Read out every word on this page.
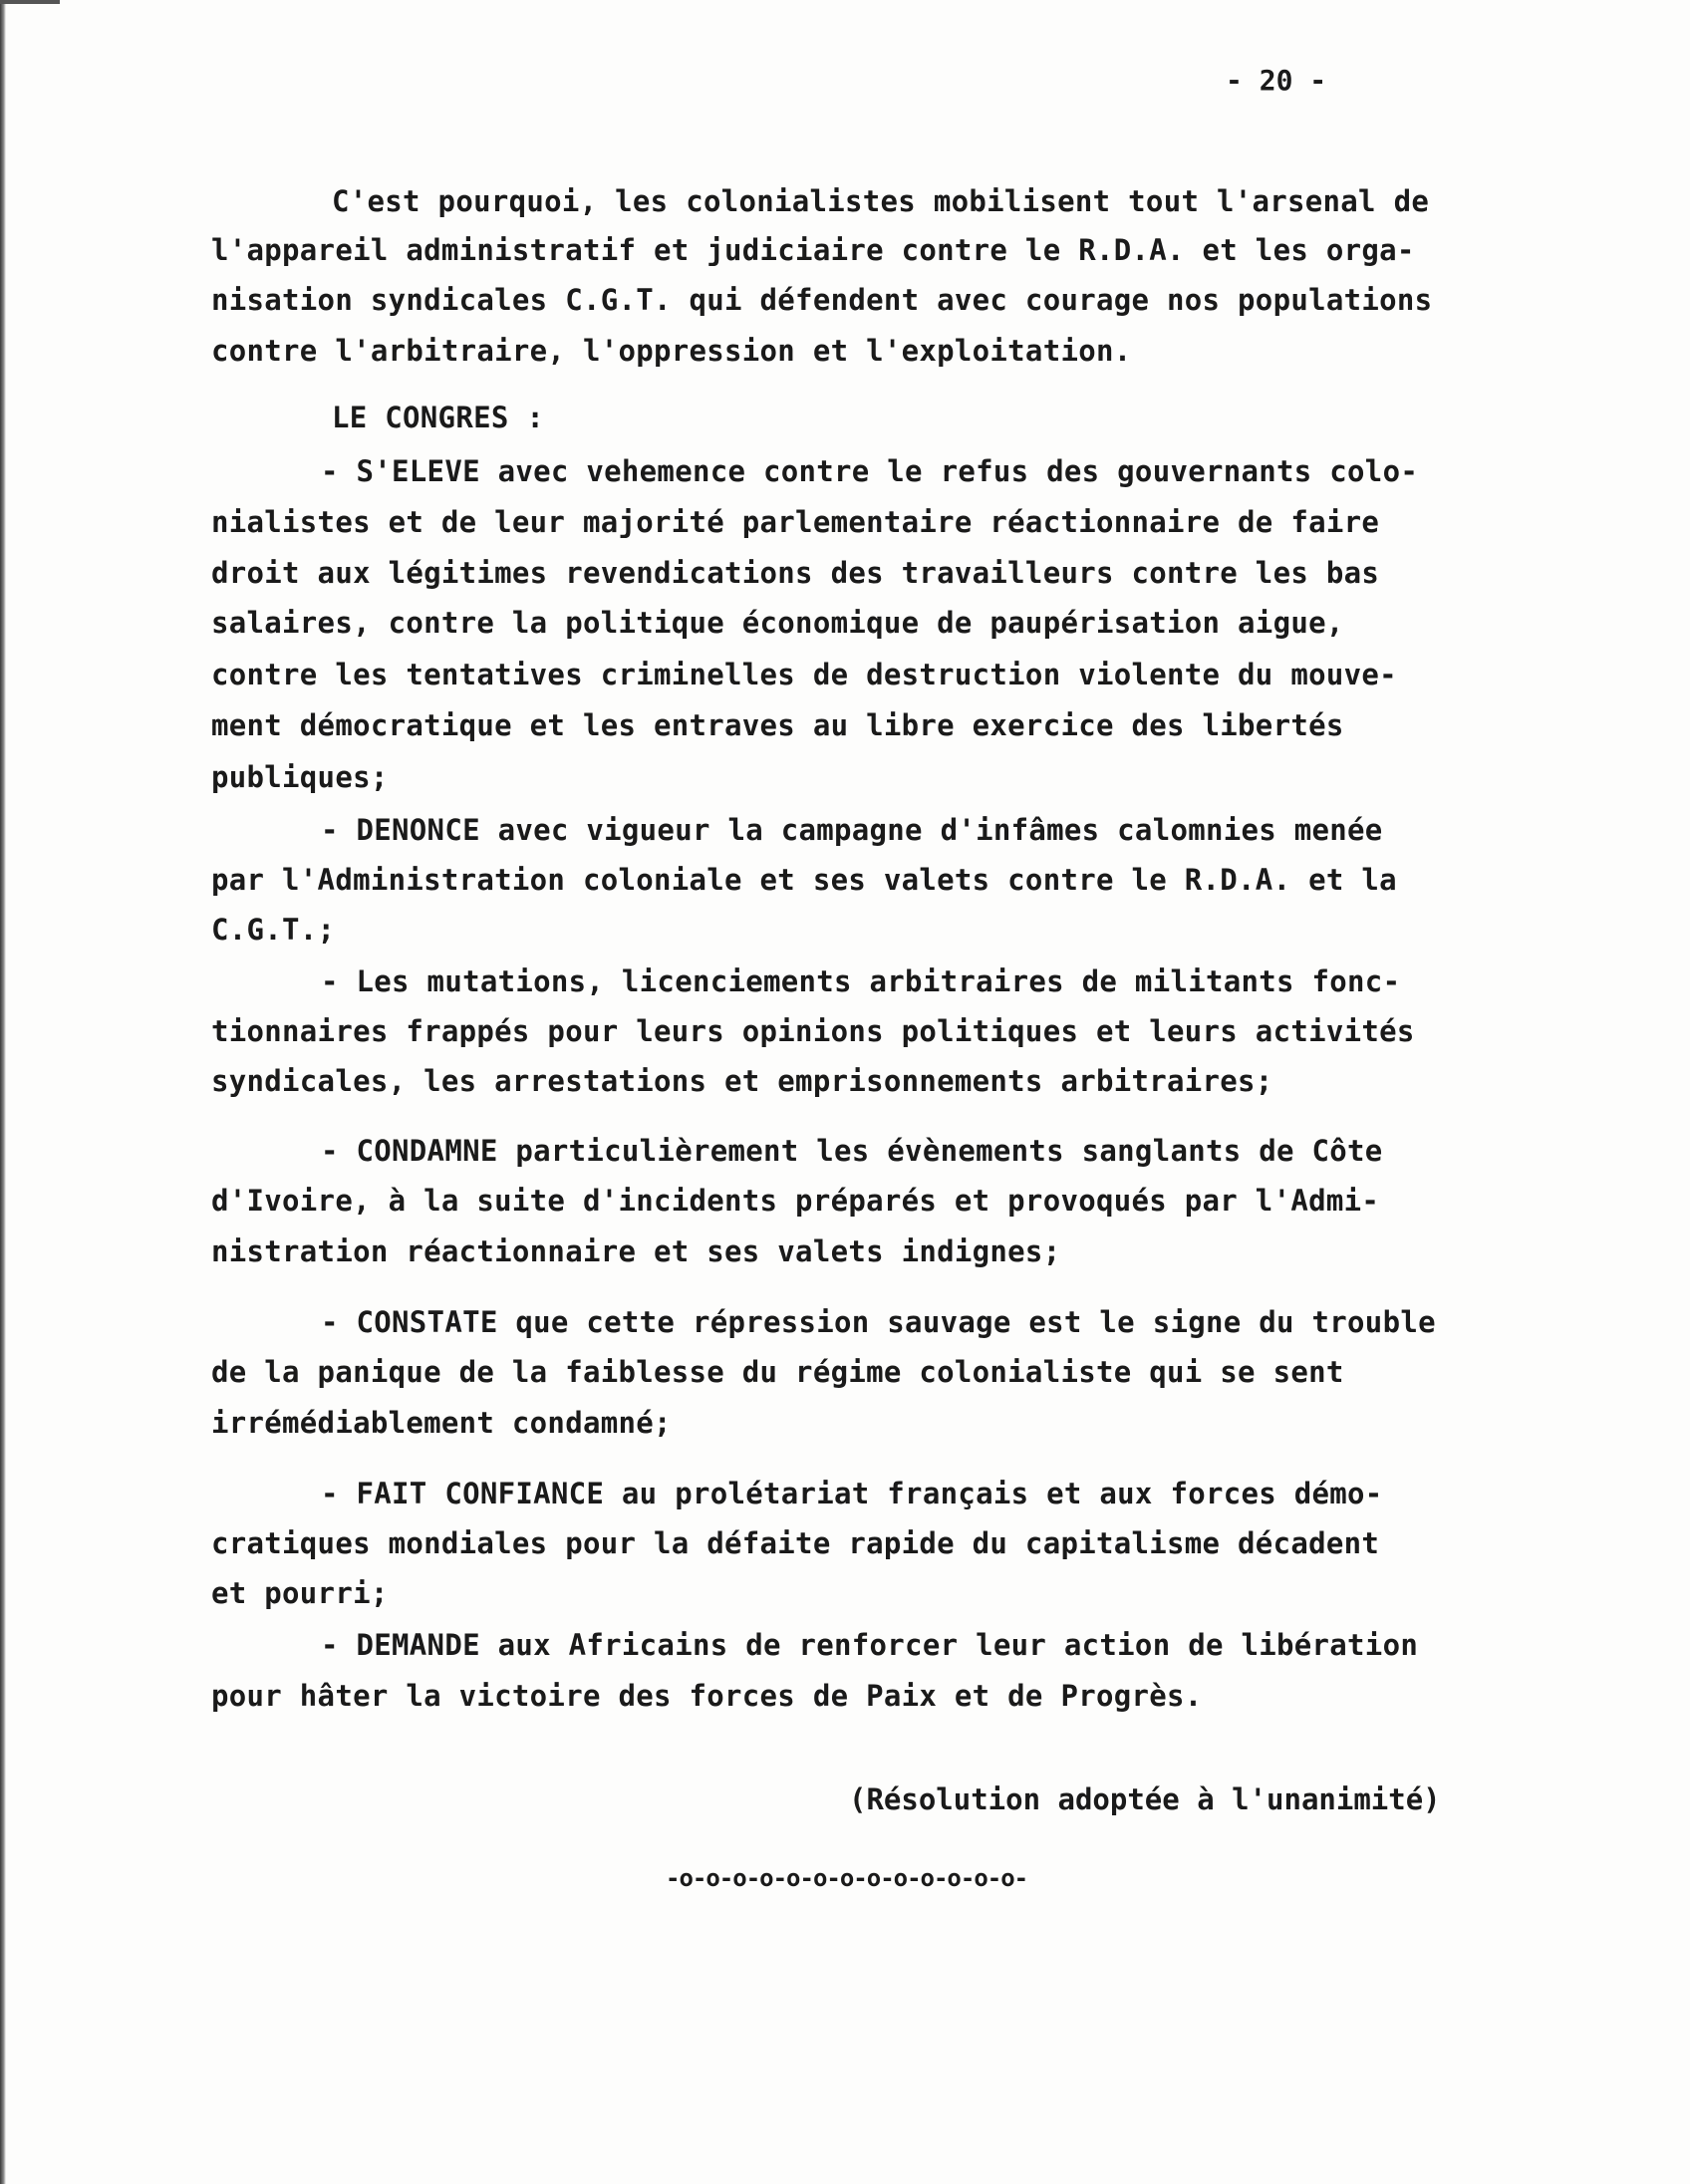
- 20 -
C'est pourquoi, les colonialistes mobilisent tout l'arsenal de
l'appareil administratif et judiciaire contre le R.D.A. et les orga-
nisation syndicales C.G.T. qui défendent avec courage nos populations
contre l'arbitraire, l'oppression et l'exploitation.
LE CONGRES :
- S'ELEVE avec vehemence contre le refus des gouvernants colo-
nialistes et de leur majorité parlementaire réactionnaire de faire
droit aux légitimes revendications des travailleurs contre les bas
salaires, contre la politique économique de paupérisation aigue,
contre les tentatives criminelles de destruction violente du mouve-
ment démocratique et les entraves au libre exercice des libertés
publiques;
- DENONCE avec vigueur la campagne d'infâmes calomnies menée
par l'Administration coloniale et ses valets contre le R.D.A. et la
C.G.T.;
- Les mutations, licenciements arbitraires de militants fonc-
tionnaires frappés pour leurs opinions politiques et leurs activités
syndicales, les arrestations et emprisonnements arbitraires;
- CONDAMNE particulièrement les évènements sanglants de Côte
d'Ivoire, à la suite d'incidents préparés et provoqués par l'Admi-
nistration réactionnaire et ses valets indignes;
- CONSTATE que cette répression sauvage est le signe du trouble
de la panique de la faiblesse du régime colonialiste qui se sent
irrémédiablement condamné;
- FAIT CONFIANCE au prolétariat français et aux forces démo-
cratiques mondiales pour la défaite rapide du capitalisme décadent
et pourri;
- DEMANDE aux Africains de renforcer leur action de libération
pour hâter la victoire des forces de Paix et de Progrès.
(Résolution adoptée à l'unanimité)
-o-o-o-o-o-o-o-o-o-o-o-o-o-
